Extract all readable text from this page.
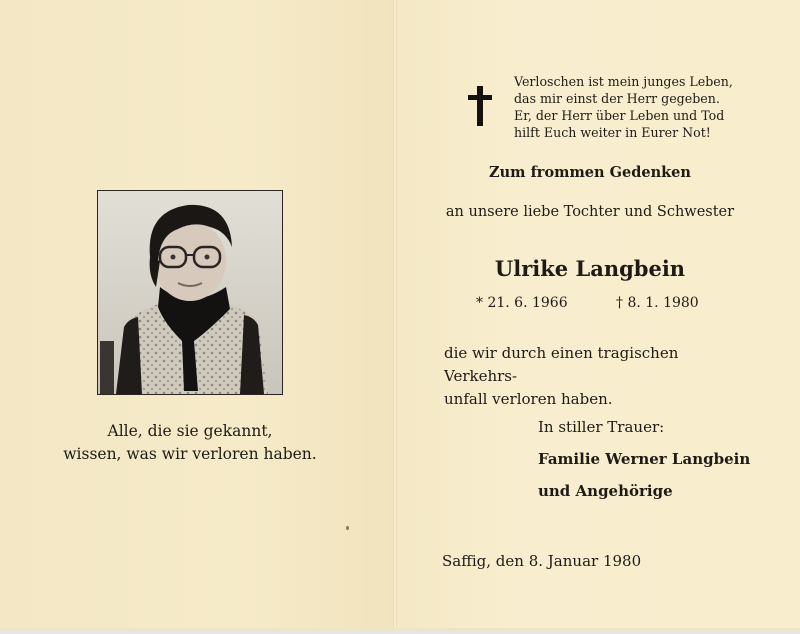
Alle, die sie gekannt,
wissen, was wir verloren haben.
Verloschen ist mein junges Leben,
das mir einst der Herr gegeben.
Er, der Herr über Leben und Tod
hilft Euch weiter in Eurer Not!
Zum frommen Gedenken
an unsere liebe Tochter und Schwester
Ulrike Langbein
* 21. 6. 1966	† 8. 1. 1980
die wir durch einen tragischen Verkehrs-
unfall verloren haben.
In stiller Trauer:
Familie Werner Langbein
und Angehörige
Saffig, den 8. Januar 1980
